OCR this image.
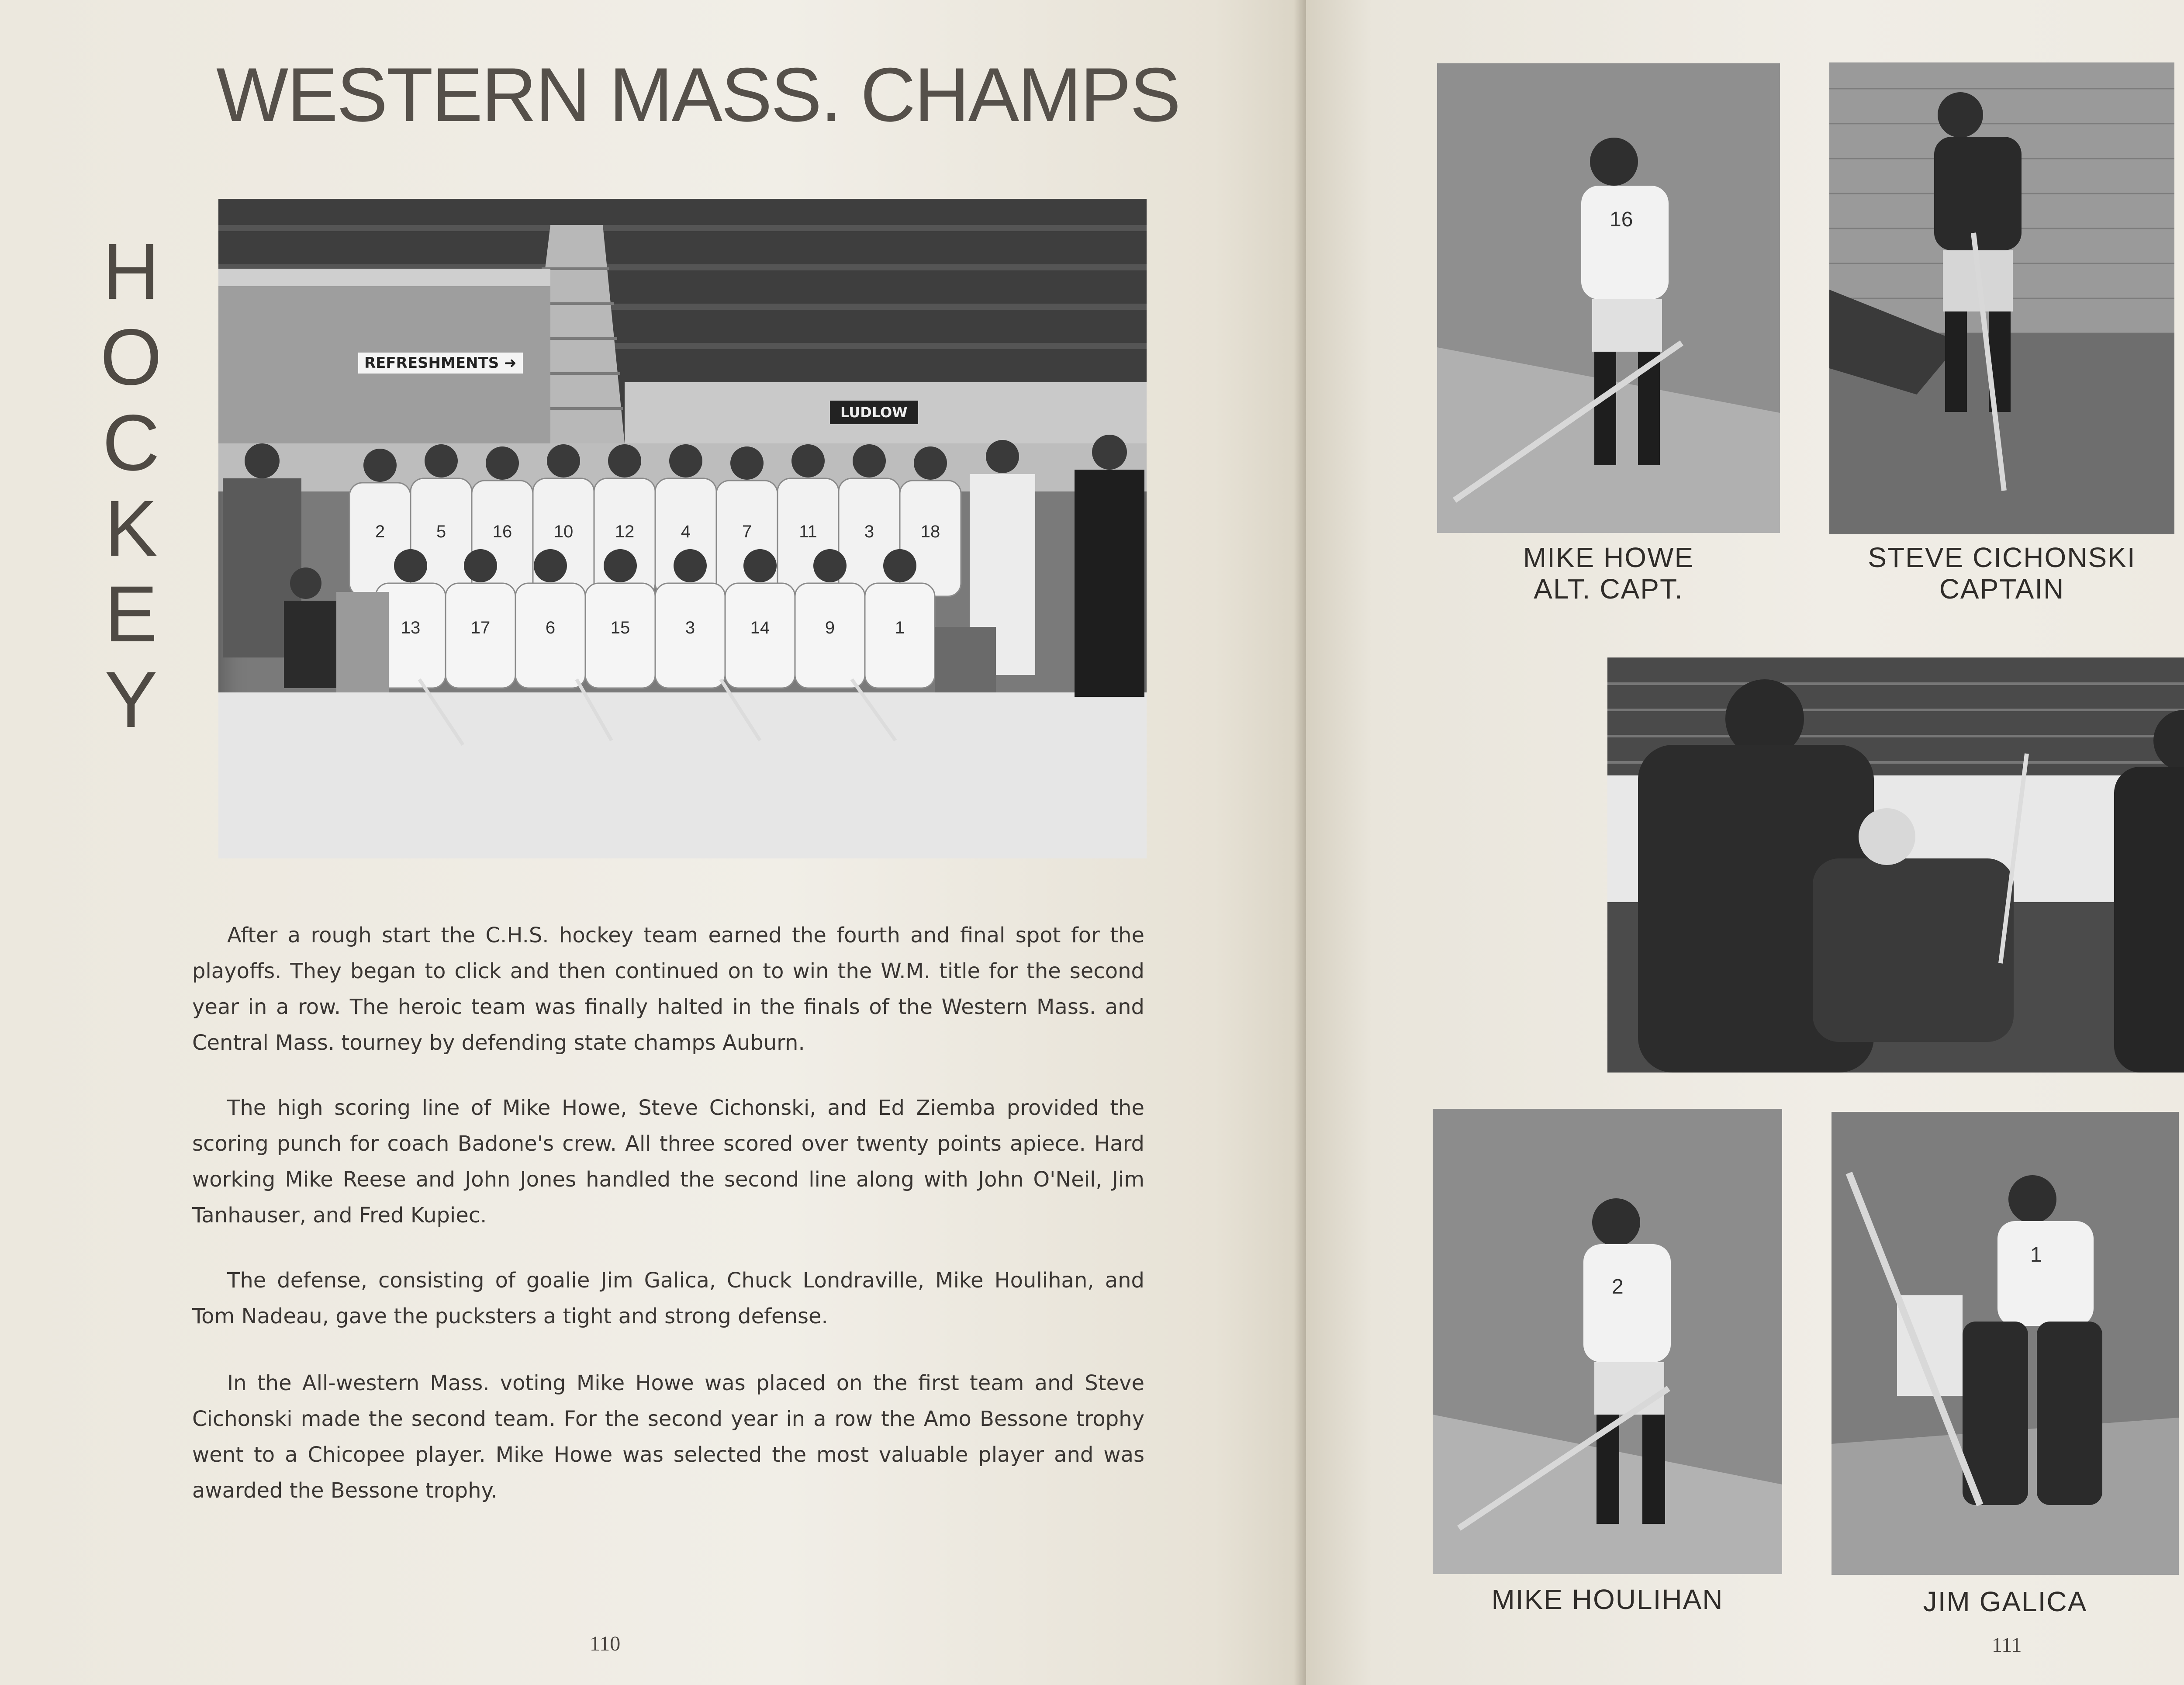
WESTERN MASS. CHAMPS
H
O
C
K
E
Y
REFRESHMENTS ➜
LUDLOW
2	5	16	10	12	4	7	11	3	18
13	17	6	15	3	14	9	1

After a rough start the C.H.S. hockey team earned the fourth and final spot for the playoffs. They began to click and then continued on to win the W.M. title for the second year in a row. The heroic team was finally halted in the finals of the Western Mass. and Central Mass. tourney by defending state champs Auburn.

The high scoring line of Mike Howe, Steve Cichonski, and Ed Ziemba provided the scoring punch for coach Badone's crew. All three scored over twenty points apiece. Hard working Mike Reese and John Jones handled the second line along with John O'Neil, Jim Tanhauser, and Fred Kupiec.

The defense, consisting of goalie Jim Galica, Chuck Londraville, Mike Houlihan, and Tom Nadeau, gave the pucksters a tight and strong defense.

In the All-western Mass. voting Mike Howe was placed on the first team and Steve Cichonski made the second team. For the second year in a row the Amo Bessone trophy went to a Chicopee player. Mike Howe was selected the most valuable player and was awarded the Bessone trophy.

110
16
MIKE HOWE
ALT. CAPT.
STEVE CICHONSKI
CAPTAIN
2
1
MIKE HOULIHAN	JIM GALICA
111
